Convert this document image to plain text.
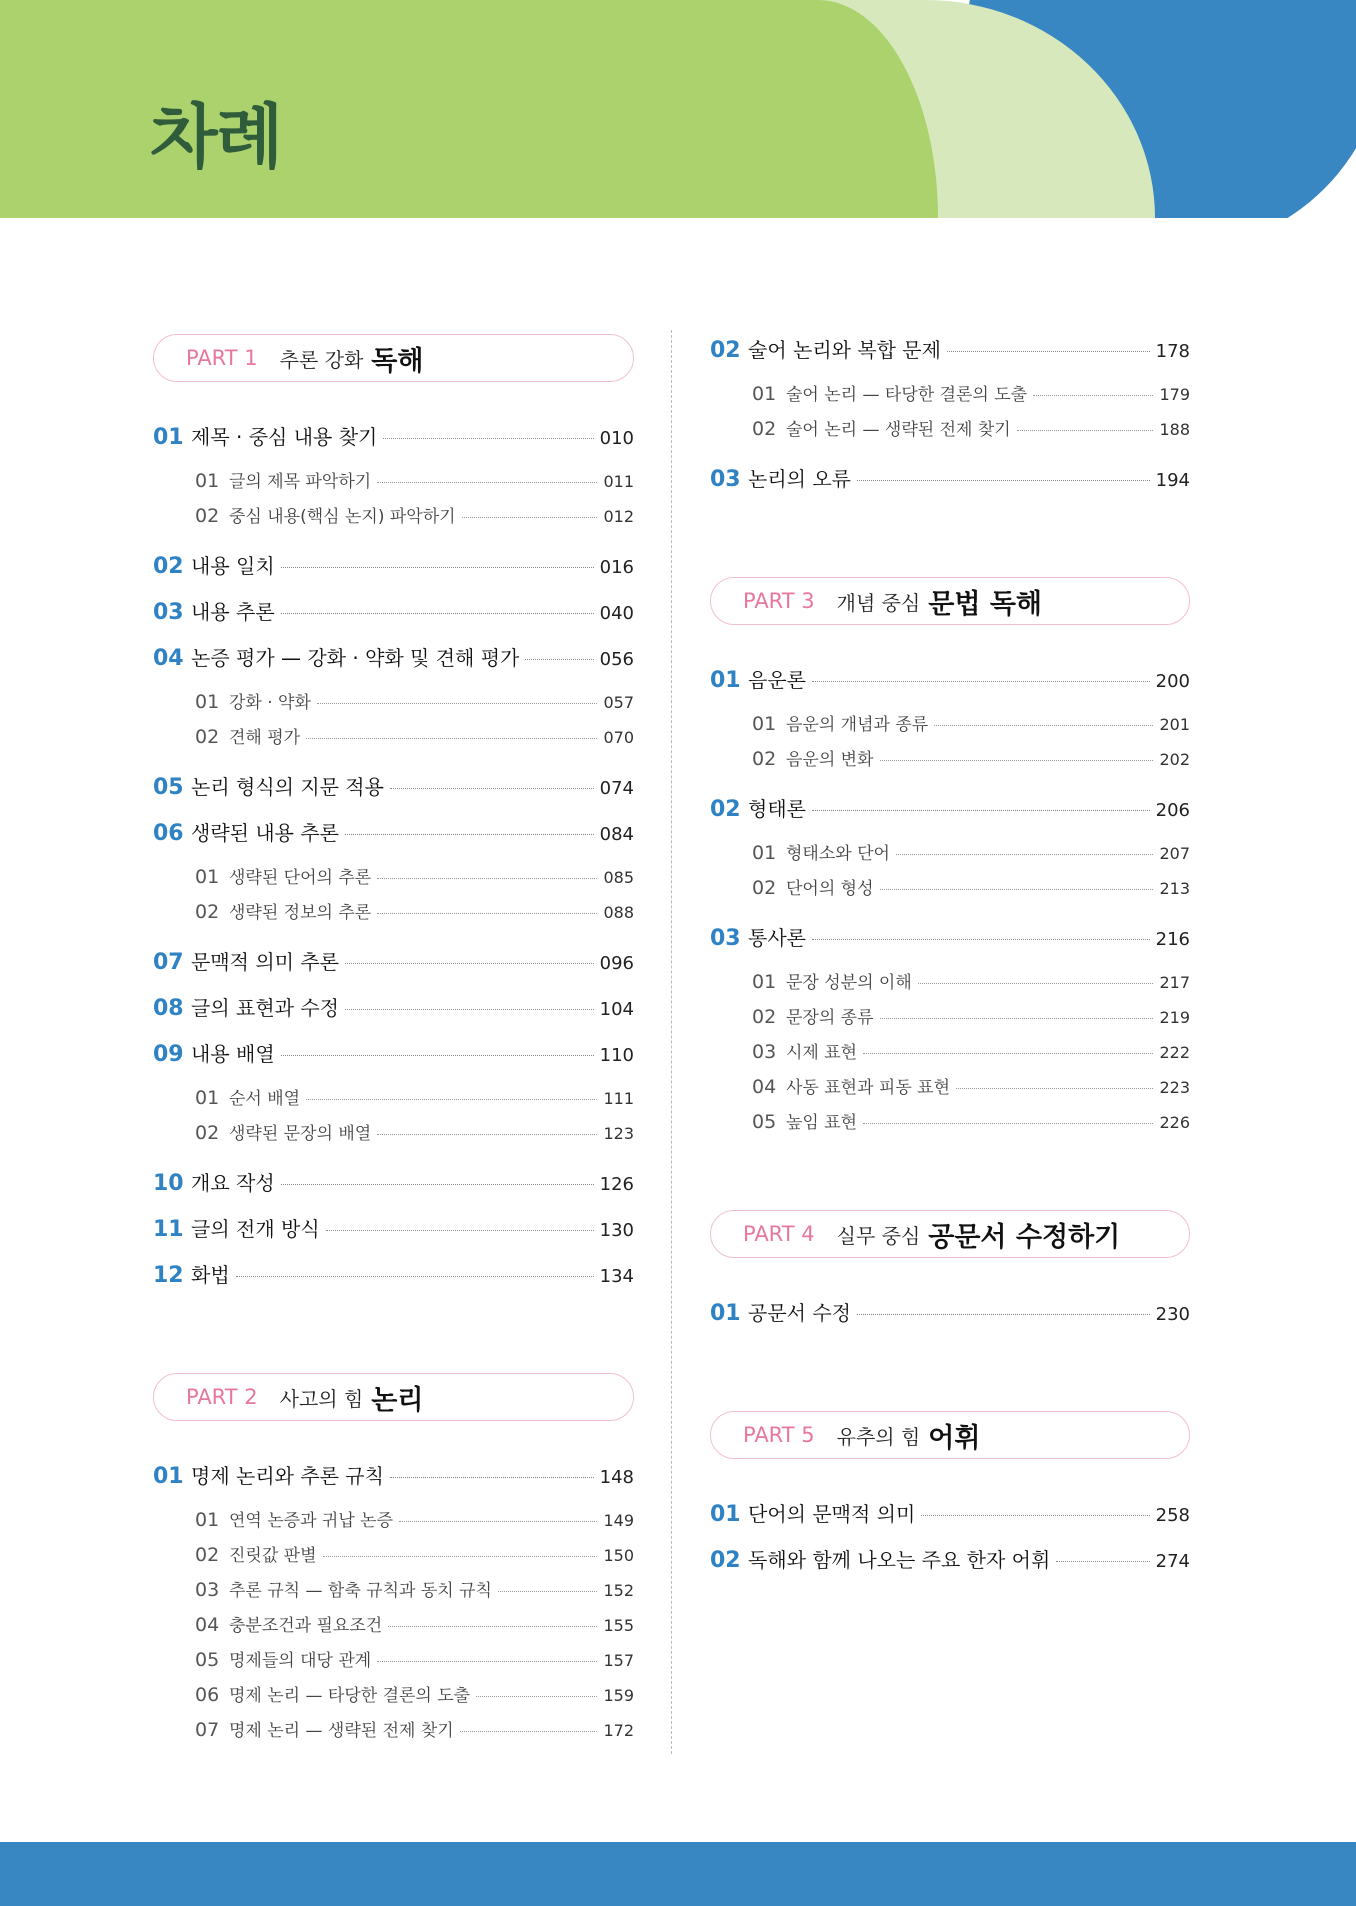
차례
PART 1 추론 강화 독해
01 제목 · 중심 내용 찾기	010
01 글의 제목 파악하기	011
02 중심 내용(핵심 논지) 파악하기	012
02 내용 일치	016
03 내용 추론	040
04 논증 평가 — 강화 · 약화 및 견해 평가	056
01 강화 · 약화	057
02 견해 평가	070
05 논리 형식의 지문 적용	074
06 생략된 내용 추론	084
01 생략된 단어의 추론	085
02 생략된 정보의 추론	088
07 문맥적 의미 추론	096
08 글의 표현과 수정	104
09 내용 배열	110
01 순서 배열	111
02 생략된 문장의 배열	123
10 개요 작성	126
11 글의 전개 방식	130
12 화법	134
PART 2 사고의 힘 논리
01 명제 논리와 추론 규칙	148
01 연역 논증과 귀납 논증	149
02 진릿값 판별	150
03 추론 규칙 — 함축 규칙과 동치 규칙	152
04 충분조건과 필요조건	155
05 명제들의 대당 관계	157
06 명제 논리 — 타당한 결론의 도출	159
07 명제 논리 — 생략된 전제 찾기	172
02 술어 논리와 복합 문제	178
01 술어 논리 — 타당한 결론의 도출	179
02 술어 논리 — 생략된 전제 찾기	188
03 논리의 오류	194
PART 3 개념 중심 문법 독해
01 음운론	200
01 음운의 개념과 종류	201
02 음운의 변화	202
02 형태론	206
01 형태소와 단어	207
02 단어의 형성	213
03 통사론	216
01 문장 성분의 이해	217
02 문장의 종류	219
03 시제 표현	222
04 사동 표현과 피동 표현	223
05 높임 표현	226
PART 4 실무 중심 공문서 수정하기
01 공문서 수정	230
PART 5 유추의 힘 어휘
01 단어의 문맥적 의미	258
02 독해와 함께 나오는 주요 한자 어휘	274
